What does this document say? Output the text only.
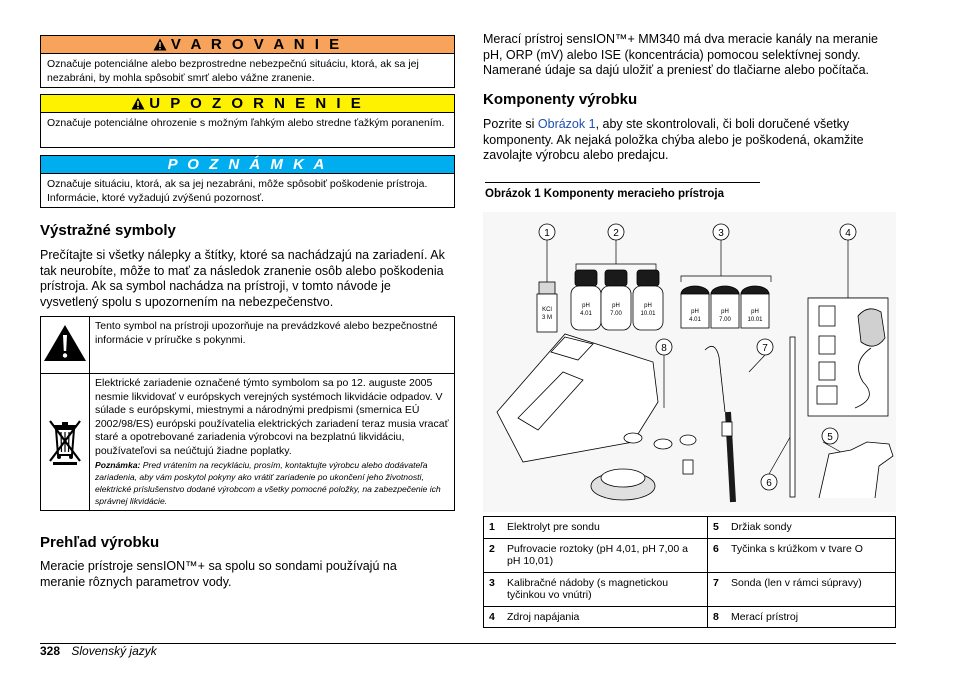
V A R O V A N I E
Označuje potenciálne alebo bezprostredne nebezpečnú situáciu, ktorá, ak sa jej nezabráni, by mohla spôsobiť smrť alebo vážne zranenie.
U P O Z O R N E N I E
Označuje potenciálne ohrozenie s možným ľahkým alebo stredne ťažkým poranením.
P O Z N Á M K A
Označuje situáciu, ktorá, ak sa jej nezabráni, môže spôsobiť poškodenie prístroja. Informácie, ktoré vyžadujú zvýšenú pozornosť.
Výstražné symboly

Prečítajte si všetky nálepky a štítky, ktoré sa nachádzajú na zariadení. Ak tak neurobíte, môže to mať za následok zranenie osôb alebo poškodenia prístroja. Ak sa symbol nachádza na prístroji, v tomto návode je vysvetlený spolu s upozornením na nebezpečenstvo.

	Tento symbol na prístroji upozorňuje na prevádzkové alebo bezpečnostné informácie v príručke s pokynmi.
	Elektrické zariadenie označené týmto symbolom sa po 12. auguste 2005 nesmie likvidovať v európskych verejných systémoch likvidácie odpadov. V súlade s európskymi, miestnymi a národnými predpismi (smernica EÚ 2002/98/ES) európski používatelia elektrických zariadení teraz musia vracať staré a opotrebované zariadenia výrobcovi na bezplatnú likvidáciu, používateľovi sa neúčtujú žiadne poplatky.
Poznámka: Pred vrátením na recykláciu, prosím, kontaktujte výrobcu alebo dodávateľa zariadenia, aby vám poskytol pokyny ako vrátiť zariadenie po ukončení jeho životnosti, elektrické príslušenstvo dodané výrobcom a všetky pomocné položky, na zabezpečenie ich správnej likvidácie.
Prehľad výrobku

Meracie prístroje sensION™+ sa spolu so sondami používajú na meranie rôznych parametrov vody.

Merací prístroj sensION™+ MM340 má dva meracie kanály na meranie pH, ORP (mV) alebo ISE (koncentrácia) pomocou selektívnej sondy. Namerané údaje sa dajú uložiť a preniesť do tlačiarne alebo počítača.

Komponenty výrobku

Pozrite si Obrázok 1, aby ste skontrolovali, či boli doručené všetky komponenty. Ak nejaká položka chýba alebo je poškodená, okamžite zavolajte výrobcu alebo predajcu.

Obrázok 1 Komponenty meracieho prístroja
1	2	3	4
5
6
7
8
KCl
3 M
pH
4.01
pH
7.00
pH
10.01	pH
4.01
pH
7.00
pH
10.01
1	Elektrolyt pre sondu	5	Držiak sondy
2	Pufrovacie roztoky (pH 4,01, pH 7,00 a pH 10,01)	6	Tyčinka s krúžkom v tvare O
3	Kalibračné nádoby (s magnetickou tyčinkou vo vnútri)	7	Sonda (len v rámci súpravy)
4	Zdroj napájania	8	Merací prístroj
328 Slovenský jazyk
